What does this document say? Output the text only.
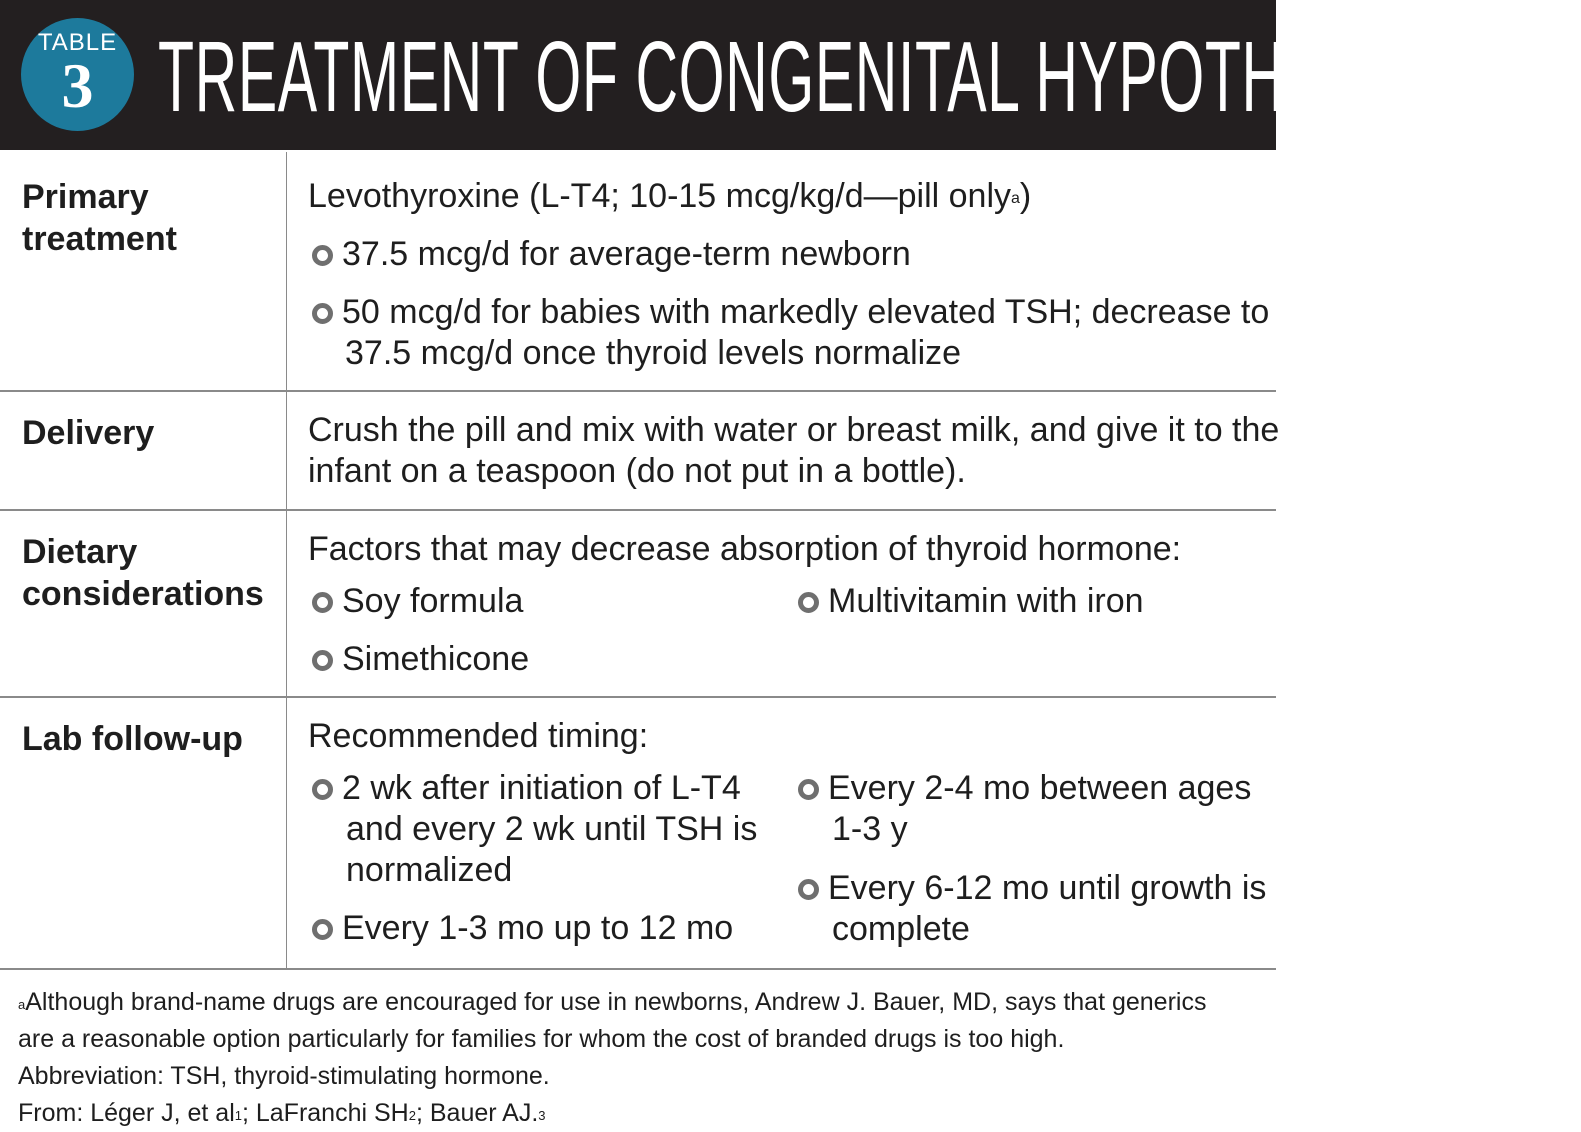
TABLE
3 TREATMENT OF CONGENITAL HYPOTHYROIDISM
Primary
treatment
Levothyroxine (L-T4; 10-15 mcg/kg/d—pill only$^a$)
37.5 mcg/d for average-term newborn
50 mcg/d for babies with markedly elevated TSH; decrease to
37.5 mcg/d once thyroid levels normalize
Delivery	Crush the pill and mix with water or breast milk, and give it to the
infant on a teaspoon (do not put in a bottle).
Dietary
considerations
Factors that may decrease absorption of thyroid hormone:
Soy formula
Simethicone
Multivitamin with iron
Lab follow-up	Recommended timing:
2 wk after initiation of L-T4
and every 2 wk until TSH is
normalized
Every 1-3 mo up to 12 mo
Every 2-4 mo between ages
1-3 y
Every 6-12 mo until growth is
complete
$^a$Although brand-name drugs are encouraged for use in newborns, Andrew J. Bauer, MD, says that generics
are a reasonable option particularly for families for whom the cost of branded drugs is too high.
Abbreviation: TSH, thyroid-stimulating hormone.
From: Léger J, et $al^1$; LaFranchi $SH^2$; Bauer AJ.$^3$
